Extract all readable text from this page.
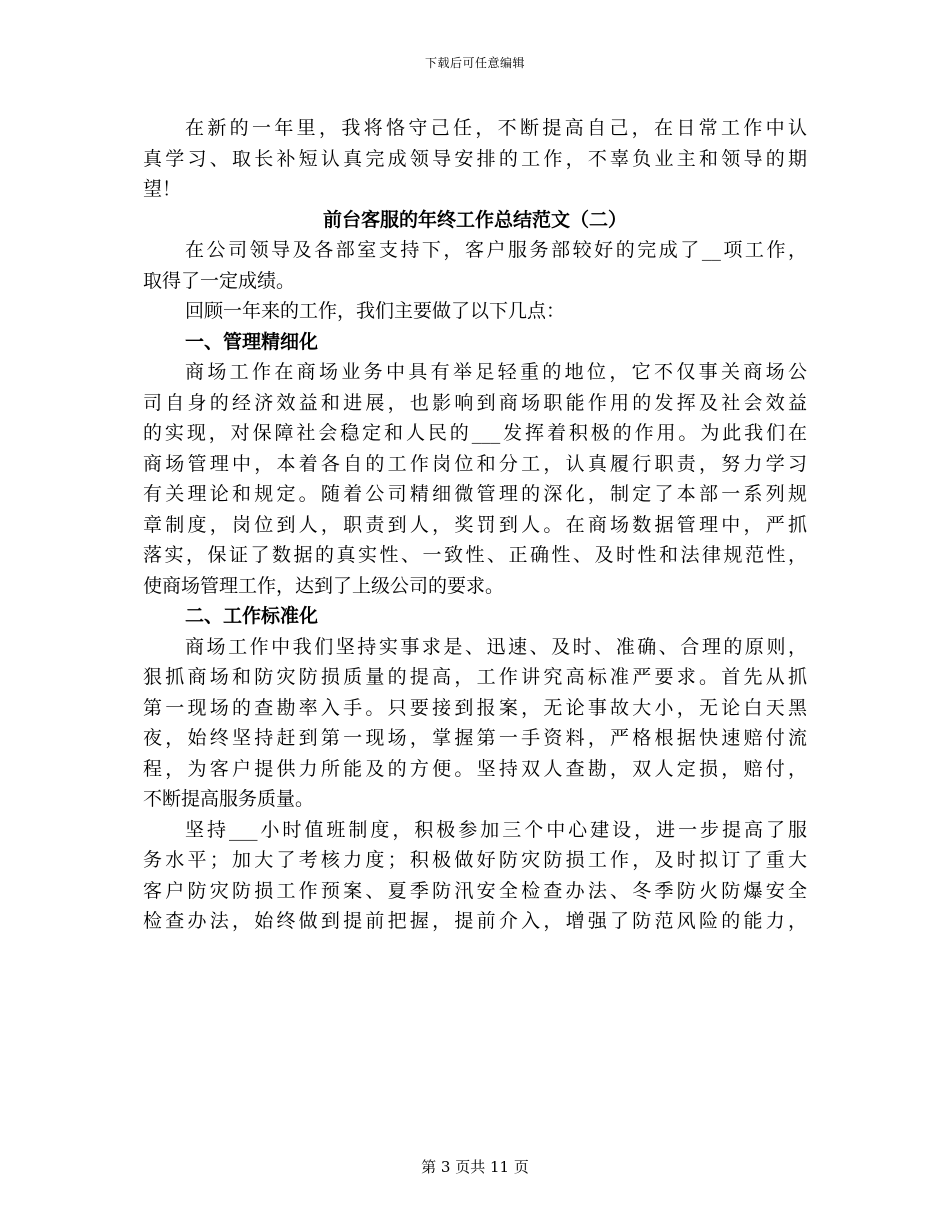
下载后可任意编辑
在新的一年里，我将恪守己任，不断提高自己，在日常工作中认
真学习、取长补短认真完成领导安排的工作，不辜负业主和领导的期
望！
前台客服的年终工作总结范文（二）
在公司领导及各部室支持下，客户服务部较好的完成了__项工作，
取得了一定成绩。
回顾一年来的工作，我们主要做了以下几点：
一、管理精细化
商场工作在商场业务中具有举足轻重的地位，它不仅事关商场公
司自身的经济效益和进展，也影响到商场职能作用的发挥及社会效益
的实现，对保障社会稳定和人民的___发挥着积极的作用。为此我们在
商场管理中，本着各自的工作岗位和分工，认真履行职责，努力学习
有关理论和规定。随着公司精细微管理的深化，制定了本部一系列规
章制度，岗位到人，职责到人，奖罚到人。在商场数据管理中，严抓
落实，保证了数据的真实性、一致性、正确性、及时性和法律规范性，
使商场管理工作，达到了上级公司的要求。
二、工作标准化
商场工作中我们坚持实事求是、迅速、及时、准确、合理的原则，
狠抓商场和防灾防损质量的提高，工作讲究高标准严要求。首先从抓
第一现场的查勘率入手。只要接到报案，无论事故大小，无论白天黑
夜，始终坚持赶到第一现场，掌握第一手资料，严格根据快速赔付流
程，为客户提供力所能及的方便。坚持双人查勘，双人定损，赔付，
不断提高服务质量。
坚持___小时值班制度，积极参加三个中心建设，进一步提高了服
务水平；加大了考核力度；积极做好防灾防损工作，及时拟订了重大
客户防灾防损工作预案、夏季防汛安全检查办法、冬季防火防爆安全
检查办法，始终做到提前把握，提前介入，增强了防范风险的能力，
第 3 页共 11 页
